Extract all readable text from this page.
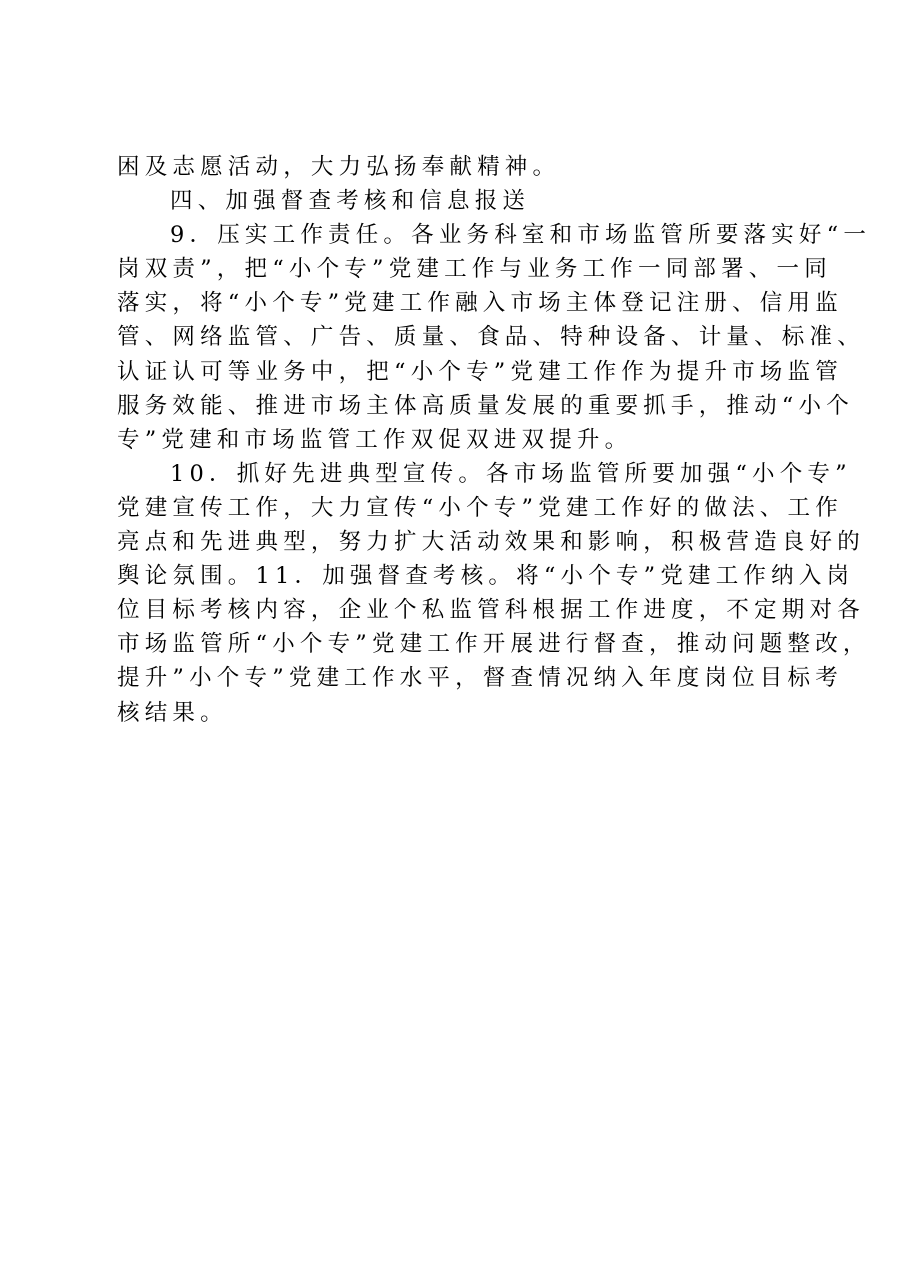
困及志愿活动，大力弘扬奉献精神。
四、加强督查考核和信息报送
9．压实工作责任。各业务科室和市场监管所要落实好“一
岗双责”，把“小个专”党建工作与业务工作一同部署、一同
落实，将“小个专”党建工作融入市场主体登记注册、信用监
管、网络监管、广告、质量、食品、特种设备、计量、标准、
认证认可等业务中，把“小个专”党建工作作为提升市场监管
服务效能、推进市场主体高质量发展的重要抓手，推动“小个
专”党建和市场监管工作双促双进双提升。
10．抓好先进典型宣传。各市场监管所要加强“小个专”
党建宣传工作，大力宣传“小个专”党建工作好的做法、工作
亮点和先进典型，努力扩大活动效果和影响，积极营造良好的
舆论氛围。11．加强督查考核。将“小个专”党建工作纳入岗
位目标考核内容，企业个私监管科根据工作进度，不定期对各
市场监管所“小个专”党建工作开展进行督查，推动问题整改，
提升”小个专”党建工作水平，督查情况纳入年度岗位目标考
核结果。
